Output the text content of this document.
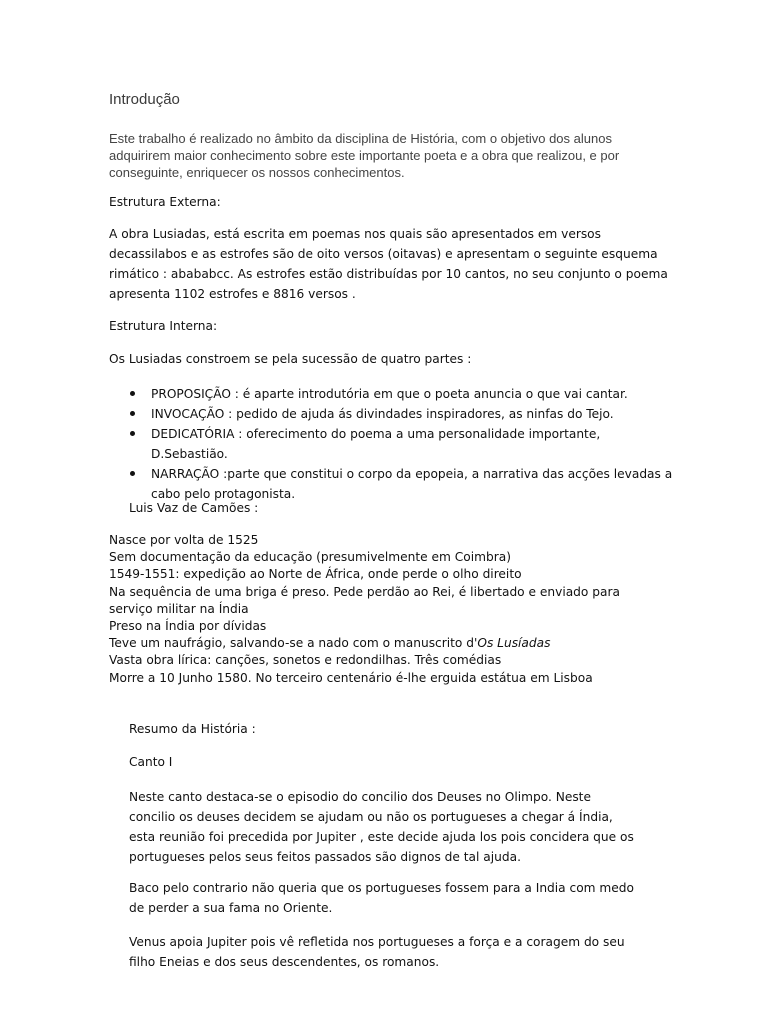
Introdução

Este trabalho é realizado no âmbito da disciplina de História, com o objetivo dos alunos adquirirem maior conhecimento sobre este importante poeta e a obra que realizou, e por conseguinte, enriquecer os nossos conhecimentos.

Estrutura Externa:

A obra Lusiadas, está escrita em poemas nos quais são apresentados em versos decassilabos e as estrofes são de oito versos (oitavas) e apresentam o seguinte esquema rimático : abababcc. As estrofes estão distribuídas por 10 cantos, no seu conjunto o poema apresenta 1102 estrofes e 8816 versos .

Estrutura Interna:

Os Lusiadas constroem se pela sucessão de quatro partes :

PROPOSIÇÃO : é aparte introdutória em que o poeta anuncia o que vai cantar.
INVOCAÇÃO : pedido de ajuda ás divindades inspiradores, as ninfas do Tejo.
DEDICATÓRIA : oferecimento do poema a uma personalidade importante, D.Sebastião.
NARRAÇÃO :parte que constitui o corpo da epopeia, a narrativa das acções levadas a cabo pelo protagonista.

Luis Vaz de Camões :

Nasce por volta de 1525

Sem documentação da educação (presumivelmente em Coimbra)

1549-1551: expedição ao Norte de África, onde perde o olho direito

Na sequência de uma briga é preso. Pede perdão ao Rei, é libertado e enviado para serviço militar na Índia

Preso na Índia por dívidas

Teve um naufrágio, salvando-se a nado com o manuscrito d'Os Lusíadas

Vasta obra lírica: canções, sonetos e redondilhas. Três comédias

Morre a 10 Junho 1580. No terceiro centenário é-lhe erguida estátua em Lisboa

Resumo da História :

Canto I

Neste canto destaca-se o episodio do concilio dos Deuses no Olimpo. Neste concilio os deuses decidem se ajudam ou não os portugueses a chegar á Índia, esta reunião foi precedida por Jupiter , este decide ajuda los pois concidera que os portugueses pelos seus feitos passados são dignos de tal ajuda.

Baco pelo contrario não queria que os portugueses fossem para a India com medo de perder a sua fama no Oriente.

Venus apoia Jupiter pois vê refletida nos portugueses a força e a coragem do seu filho Eneias e dos seus descendentes, os romanos.
